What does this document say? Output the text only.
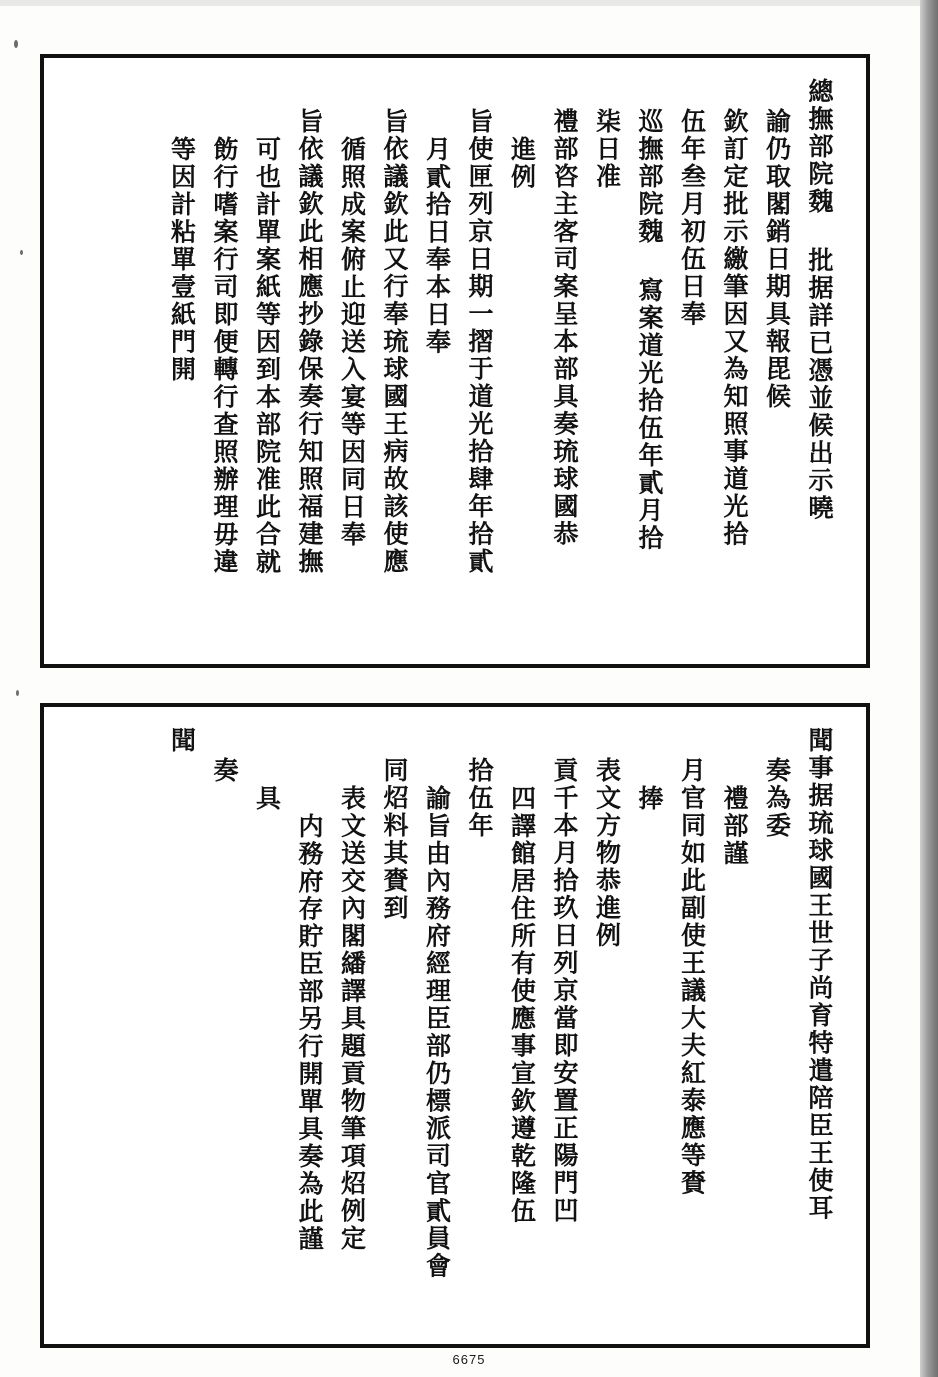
總撫部院魏 批据詳已憑並候出示曉
諭仍取閣銷日期具報毘候
欽訂定批示繳筆因又為知照事道光拾
伍年叁月初伍日奉
巡撫部院魏 寫案道光拾伍年貳月拾
柒日准
禮部咨主客司案呈本部具奏琉球國恭
進例
旨使匣列京日期一摺于道光拾肆年拾貳
月貳拾日奉本日奉
旨依議欽此又行奉琉球國王病故該使應
循照成案俯止迎送入宴等因同日奉
旨依議欽此相應抄錄保奏行知照福建撫
可也計單案紙等因到本部院准此合就
飭行嗜案行司即便轉行查照辦理毋違
等因計粘單壹紙門開
聞事据琉球國王世子尚育特遣陪臣王使耳
奏為委
禮部謹
月官同如此副使王議大夫紅泰應等賚
捧
表文方物恭進例
貢千本月拾玖日列京當即安置正陽門凹
四譯館居住所有使應事宣欽遵乾隆伍
拾伍年
諭旨由內務府經理臣部仍標派司官貳員會
同炤料其賚到
表文送交內閣繙譯具題貢物筆項炤例定
内務府存貯臣部另行開單具奏為此謹
具
奏
聞
6675
